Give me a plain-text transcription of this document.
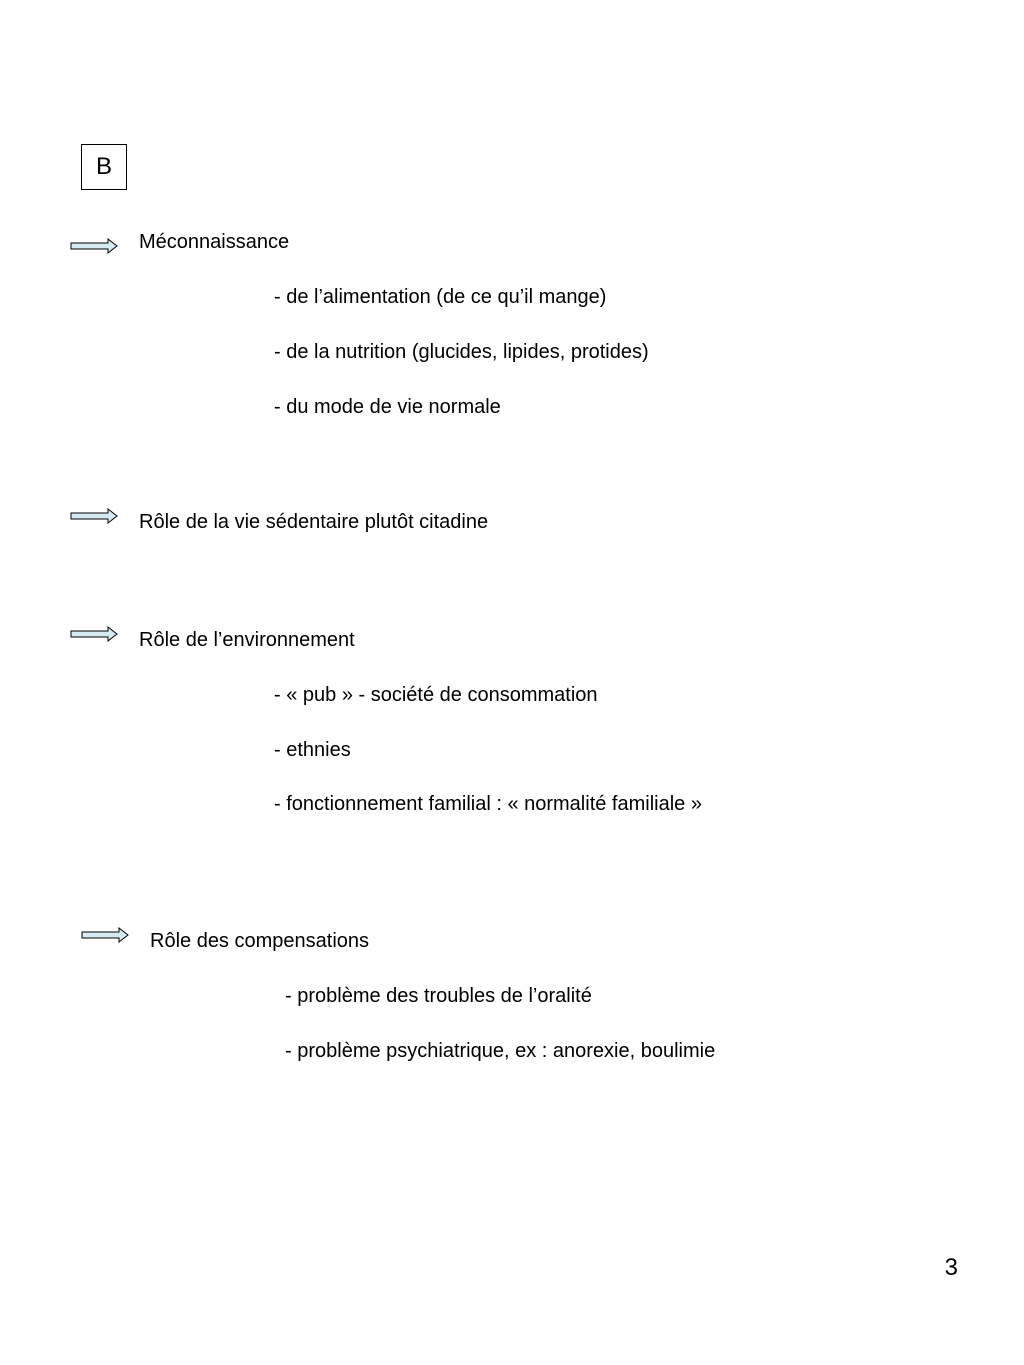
B
Méconnaissance
- de l’alimentation (de ce qu’il mange)
- de la nutrition (glucides, lipides, protides)
- du mode de vie normale
Rôle de la vie sédentaire plutôt citadine
Rôle de l’environnement
- « pub » - société de consommation
- ethnies
- fonctionnement familial : « normalité familiale »
Rôle des compensations
- problème des troubles de l’oralité
- problème psychiatrique, ex : anorexie, boulimie
3
